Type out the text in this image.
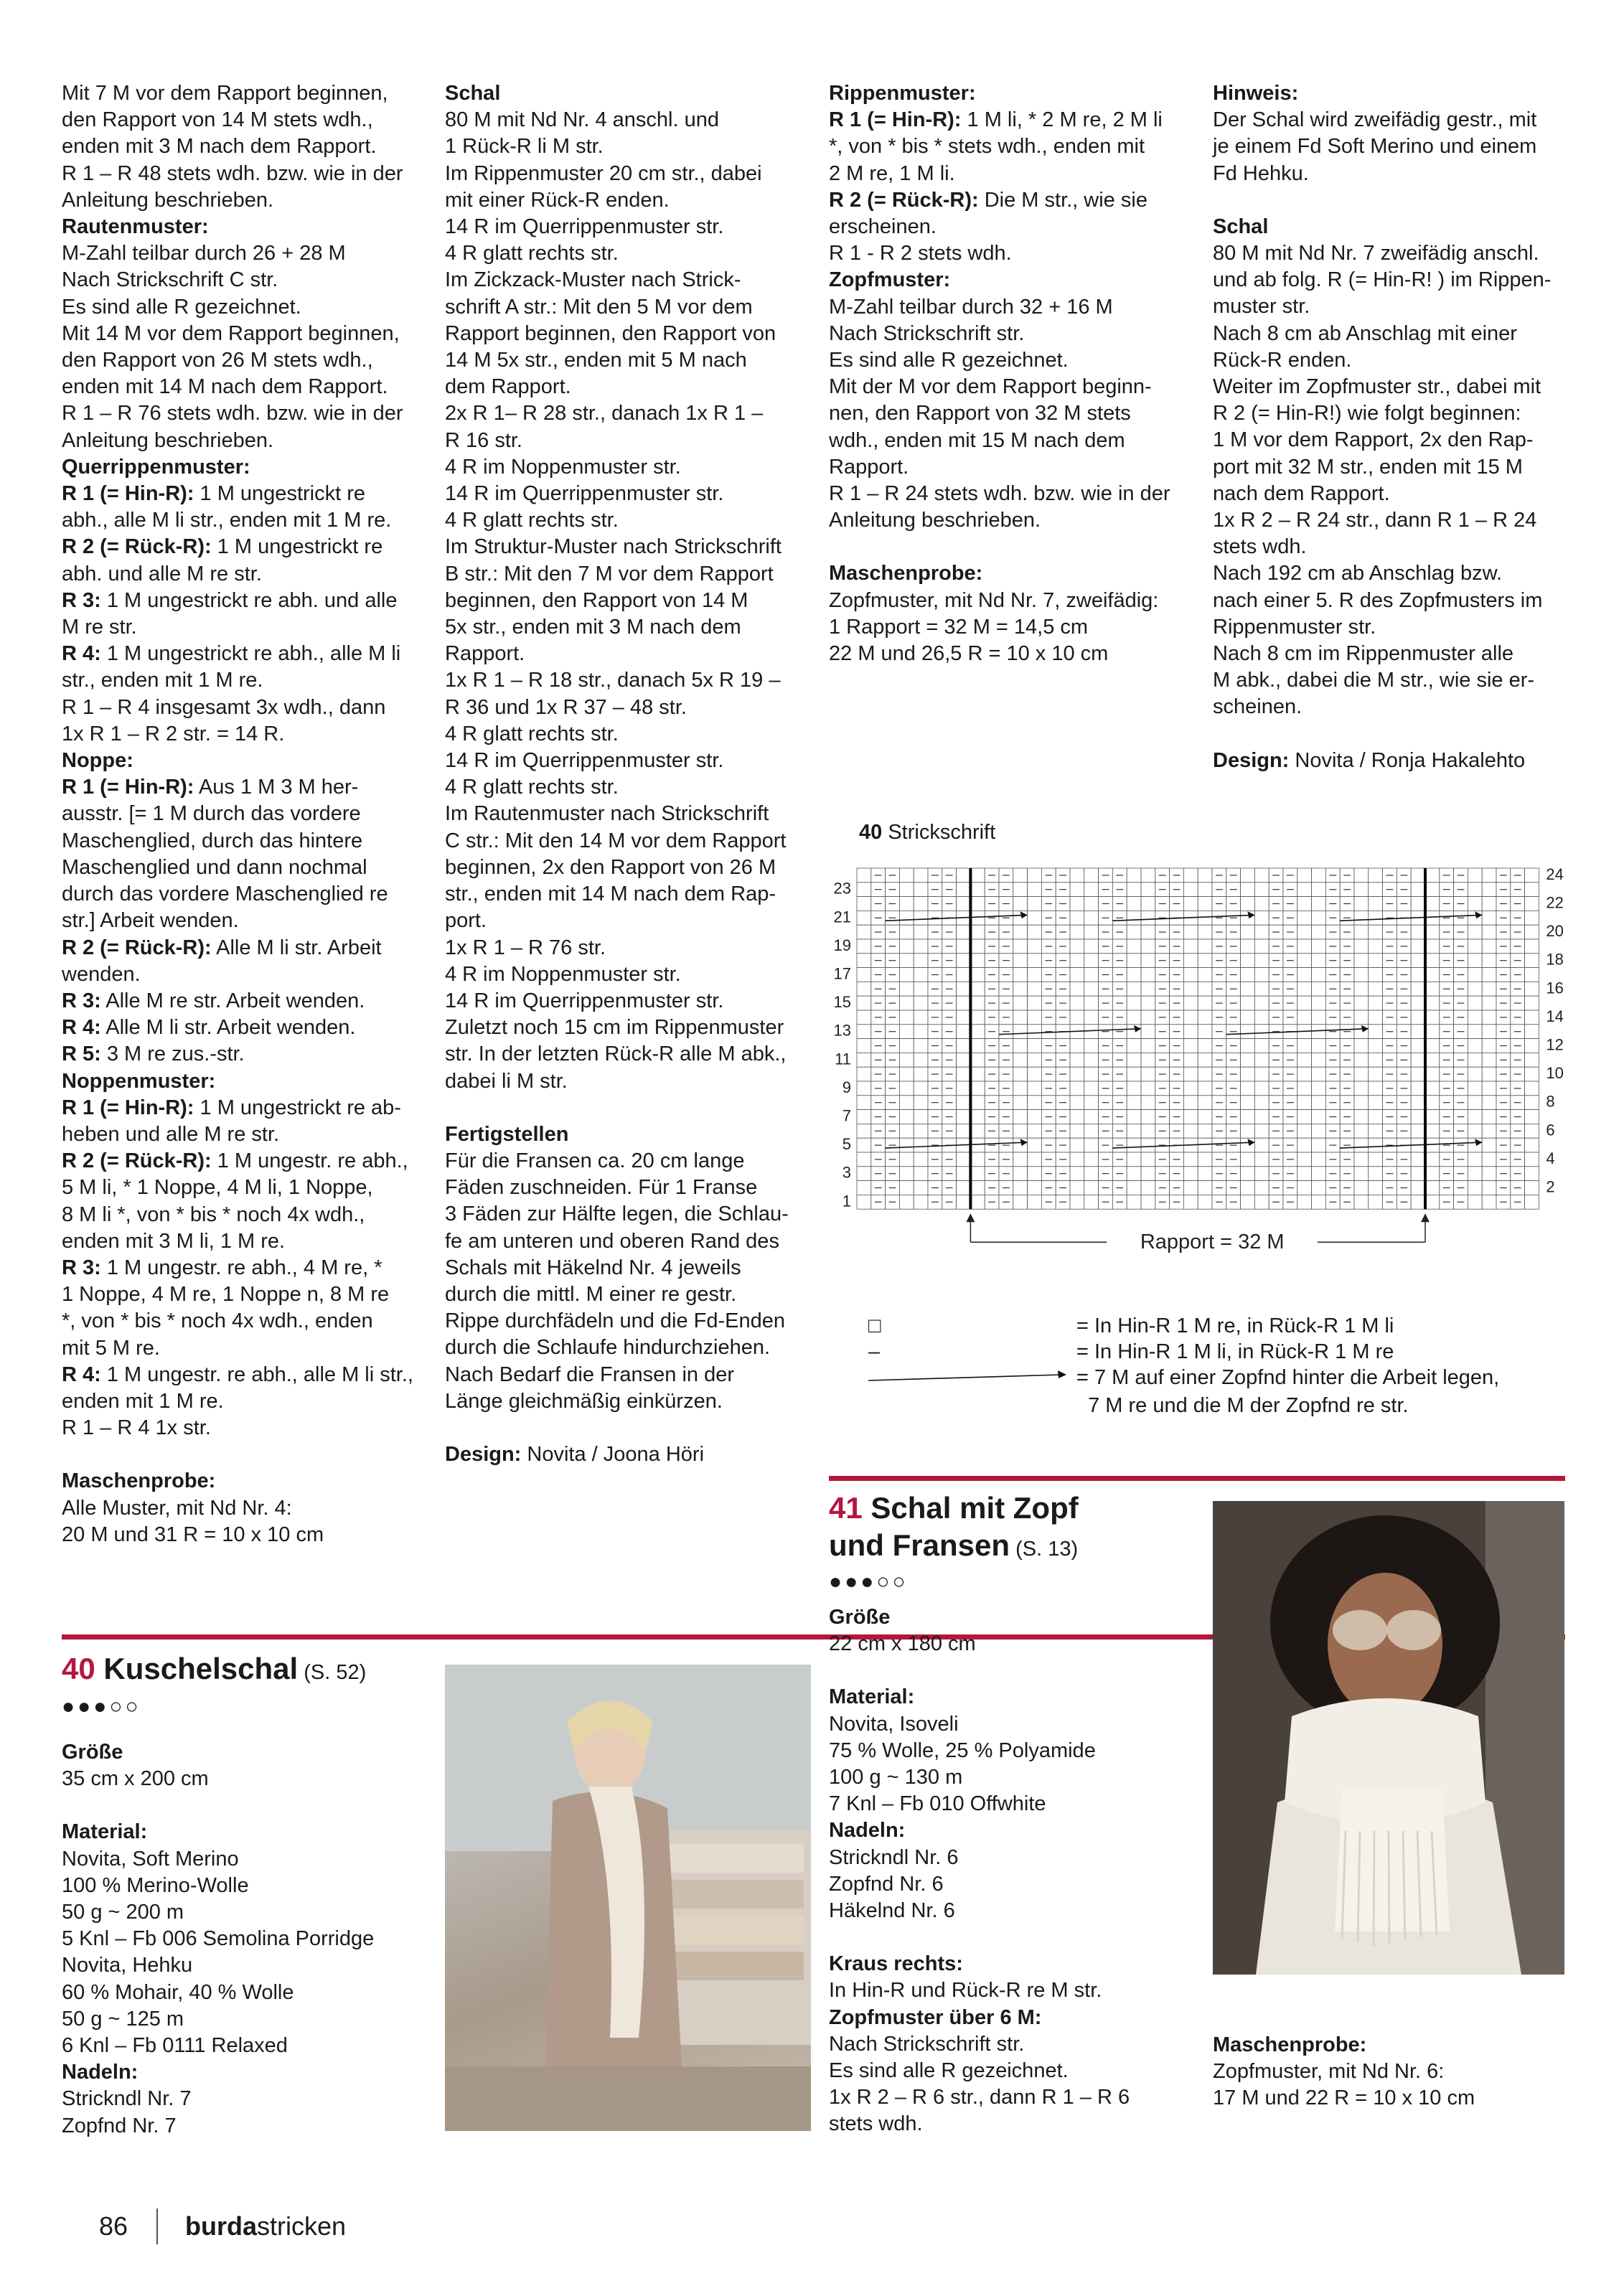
Mit 7 M vor dem Rapport beginnen,

den Rapport von 14 M stets wdh.,

enden mit 3 M nach dem Rapport.

R 1 – R 48 stets wdh. bzw. wie in der

Anleitung beschrieben.

Rautenmuster:

M-Zahl teilbar durch 26 + 28 M

Nach Strickschrift C str.

Es sind alle R gezeichnet.

Mit 14 M vor dem Rapport beginnen,

den Rapport von 26 M stets wdh.,

enden mit 14 M nach dem Rapport.

R 1 – R 76 stets wdh. bzw. wie in der

Anleitung beschrieben.

Querrippenmuster:

R 1 (= Hin-R): 1 M ungestrickt re

abh., alle M li str., enden mit 1 M re.

R 2 (= Rück-R): 1 M ungestrickt re

abh. und alle M re str.

R 3: 1 M ungestrickt re abh. und alle

M re str.

R 4: 1 M ungestrickt re abh., alle M li

str., enden mit 1 M re.

R 1 – R 4 insgesamt 3x wdh., dann

1x R 1 – R 2 str. = 14 R.

Noppe:

R 1 (= Hin-R): Aus 1 M 3 M her-

ausstr. [= 1 M durch das vordere

Maschenglied, durch das hintere

Maschenglied und dann nochmal

durch das vordere Maschenglied re

str.] Arbeit wenden.

R 2 (= Rück-R): Alle M li str. Arbeit

wenden.

R 3: Alle M re str. Arbeit wenden.

R 4: Alle M li str. Arbeit wenden.

R 5: 3 M re zus.-str.

Noppenmuster:

R 1 (= Hin-R): 1 M ungestrickt re ab-

heben und alle M re str.

R 2 (= Rück-R): 1 M ungestr. re abh.,

5 M li, * 1 Noppe, 4 M li, 1 Noppe,

8 M li *, von * bis * noch 4x wdh.,

enden mit 3 M li, 1 M re.

R 3: 1 M ungestr. re abh., 4 M re, *

1 Noppe, 4 M re, 1 Noppe n, 8 M re

*, von * bis * noch 4x wdh., enden

mit 5 M re.

R 4: 1 M ungestr. re abh., alle M li str.,

enden mit 1 M re.

R 1 – R 4 1x str.

Maschenprobe:

Alle Muster, mit Nd Nr. 4:

20 M und 31 R = 10 x 10 cm

Schal

80 M mit Nd Nr. 4 anschl. und

1 Rück-R li M str.

Im Rippenmuster 20 cm str., dabei

mit einer Rück-R enden.

14 R im Querrippenmuster str.

4 R glatt rechts str.

Im Zickzack-Muster nach Strick-

schrift A str.: Mit den 5 M vor dem

Rapport beginnen, den Rapport von

14 M 5x str., enden mit 5 M nach

dem Rapport.

2x R 1– R 28 str., danach 1x R 1 –

R 16 str.

4 R im Noppenmuster str.

14 R im Querrippenmuster str.

4 R glatt rechts str.

Im Struktur-Muster nach Strickschrift

B str.: Mit den 7 M vor dem Rapport

beginnen, den Rapport von 14 M

5x str., enden mit 3 M nach dem

Rapport.

1x R 1 – R 18 str., danach 5x R 19 –

R 36 und 1x R 37 – 48 str.

4 R glatt rechts str.

14 R im Querrippenmuster str.

4 R glatt rechts str.

Im Rautenmuster nach Strickschrift

C str.: Mit den 14 M vor dem Rapport

beginnen, 2x den Rapport von 26 M

str., enden mit 14 M nach dem Rap-

port.

1x R 1 – R 76 str.

4 R im Noppenmuster str.

14 R im Querrippenmuster str.

Zuletzt noch 15 cm im Rippenmuster

str. In der letzten Rück-R alle M abk.,

dabei li M str.

Fertigstellen

Für die Fransen ca. 20 cm lange

Fäden zuschneiden. Für 1 Franse

3 Fäden zur Hälfte legen, die Schlau-

fe am unteren und oberen Rand des

Schals mit Häkelnd Nr. 4 jeweils

durch die mittl. M einer re gestr.

Rippe durchfädeln und die Fd-Enden

durch die Schlaufe hindurchziehen.

Nach Bedarf die Fransen in der

Länge gleichmäßig einkürzen.

Design: Novita / Joona Höri

Rippenmuster:

R 1 (= Hin-R): 1 M li, * 2 M re, 2 M li

*, von * bis * stets wdh., enden mit

2 M re, 1 M li.

R 2 (= Rück-R): Die M str., wie sie

erscheinen.

R 1 - R 2 stets wdh.

Zopfmuster:

M-Zahl teilbar durch 32 + 16 M

Nach Strickschrift str.

Es sind alle R gezeichnet.

Mit der M vor dem Rapport beginn-

nen, den Rapport von 32 M stets

wdh., enden mit 15 M nach dem

Rapport.

R 1 – R 24 stets wdh. bzw. wie in der

Anleitung beschrieben.

Maschenprobe:

Zopfmuster, mit Nd Nr. 7, zweifädig:

1 Rapport = 32 M = 14,5 cm

22 M und 26,5 R = 10 x 10 cm

Hinweis:

Der Schal wird zweifädig gestr., mit

je einem Fd Soft Merino und einem

Fd Hehku.

Schal

80 M mit Nd Nr. 7 zweifädig anschl.

und ab folg. R (= Hin-R! ) im Rippen-

muster str.

Nach 8 cm ab Anschlag mit einer

Rück-R enden.

Weiter im Zopfmuster str., dabei mit

R 2 (= Hin-R!) wie folgt beginnen:

1 M vor dem Rapport, 2x den Rap-

port mit 32 M str., enden mit 15 M

nach dem Rapport.

1x R 2 – R 24 str., dann R 1 – R 24

stets wdh.

Nach 192 cm ab Anschlag bzw.

nach einer 5. R des Zopfmusters im

Rippenmuster str.

Nach 8 cm im Rippenmuster alle

M abk., dabei die M str., wie sie er-

scheinen.

Design: Novita / Ronja Hakalehto

23
21
19
17
15
13
11
9
7
5
3
1
24
22
20
18
16
14
12
10
8
6
4
2
Rapport = 32 M
40 Strickschrift
□	= In Hin-R 1 M re, in Rück-R 1 M li
–	= In Hin-R 1 M li, in Rück-R 1 M re
= 7 M auf einer Zopfnd hinter die Arbeit legen,
7 M re und die M der Zopfnd re str.
40 Kuschelschal (S. 52)
●●●○○

Größe

35 cm x 200 cm

Material:

Novita, Soft Merino

100 % Merino-Wolle

50 g ~ 200 m

5 Knl – Fb 006 Semolina Porridge

Novita, Hehku

60 % Mohair, 40 % Wolle

50 g ~ 125 m

6 Knl – Fb 0111 Relaxed

Nadeln:

Strickndl Nr. 7

Zopfnd Nr. 7

41 Schal mit Zopf
und Fransen (S. 13)
●●●○○

Größe

22 cm x 180 cm

Material:

Novita, Isoveli

75 % Wolle, 25 % Polyamide

100 g ~ 130 m

7 Knl – Fb 010 Offwhite

Nadeln:

Strickndl Nr. 6

Zopfnd Nr. 6

Häkelnd Nr. 6

Kraus rechts:

In Hin-R und Rück-R re M str.

Zopfmuster über 6 M:

Nach Strickschrift str.

Es sind alle R gezeichnet.

1x R 2 – R 6 str., dann R 1 – R 6

stets wdh.

Maschenprobe:

Zopfmuster, mit Nd Nr. 6:

17 M und 22 R = 10 x 10 cm

86 burdastricken
